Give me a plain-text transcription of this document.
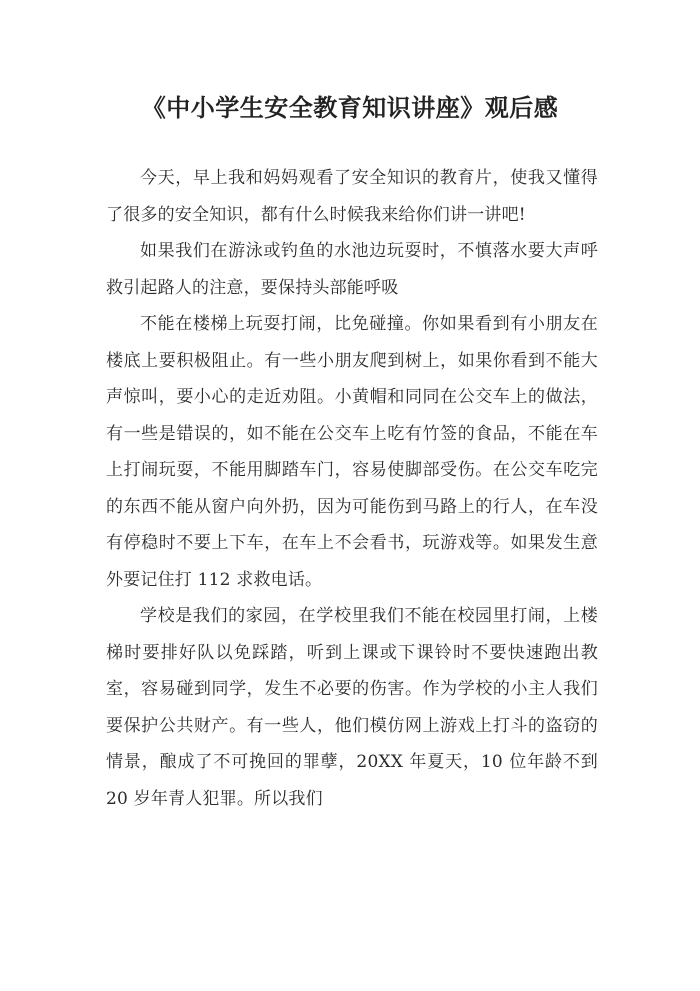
《中小学生安全教育知识讲座》观后感

今天，早上我和妈妈观看了安全知识的教育片，使我又懂得了很多的安全知识，都有什么时候我来给你们讲一讲吧!

如果我们在游泳或钓鱼的水池边玩耍时，不慎落水要大声呼救引起路人的注意，要保持头部能呼吸

不能在楼梯上玩耍打闹，比免碰撞。你如果看到有小朋友在楼底上要积极阻止。有一些小朋友爬到树上，如果你看到不能大声惊叫，要小心的走近劝阻。小黄帽和同同在公交车上的做法，有一些是错误的，如不能在公交车上吃有竹签的食品，不能在车上打闹玩耍，不能用脚踏车门，容易使脚部受伤。在公交车吃完的东西不能从窗户向外扔，因为可能伤到马路上的行人，在车没有停稳时不要上下车，在车上不会看书，玩游戏等。如果发生意外要记住打 112 求救电话。

学校是我们的家园，在学校里我们不能在校园里打闹，上楼梯时要排好队以免踩踏，听到上课或下课铃时不要快速跑出教室，容易碰到同学，发生不必要的伤害。作为学校的小主人我们要保护公共财产。有一些人，他们模仿网上游戏上打斗的盗窃的情景，酿成了不可挽回的罪孽，20XX 年夏天，10 位年龄不到 20 岁年青人犯罪。所以我们
